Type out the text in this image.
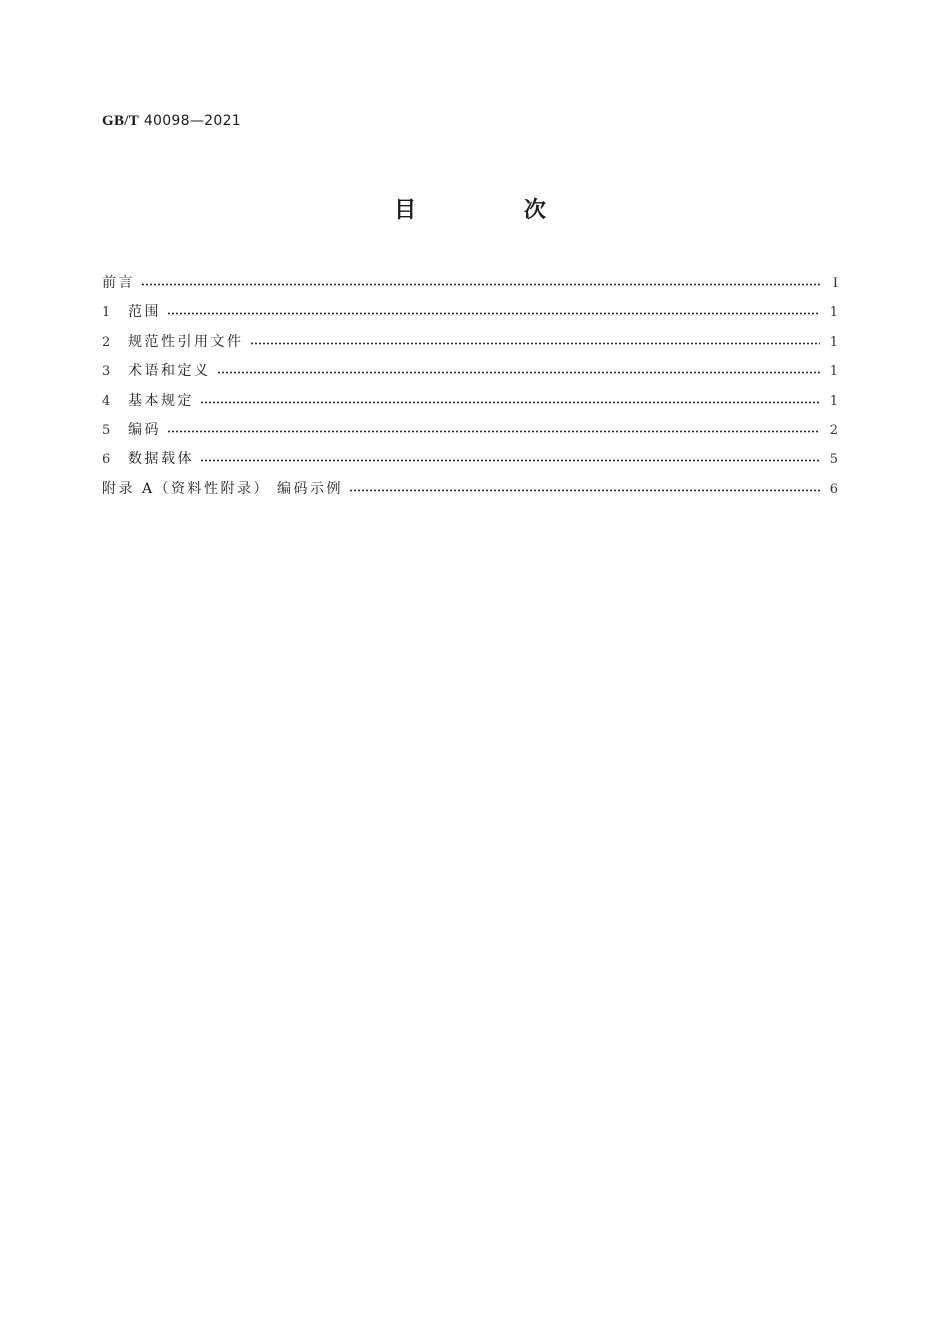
GB/T 40098—2021
目 次
前言	Ⅰ
1	范围	1
2	规范性引用文件	1
3	术语和定义	1
4	基本规定	1
5	编码	2
6	数据载体	5
附录 A（资料性附录） 编码示例	6
